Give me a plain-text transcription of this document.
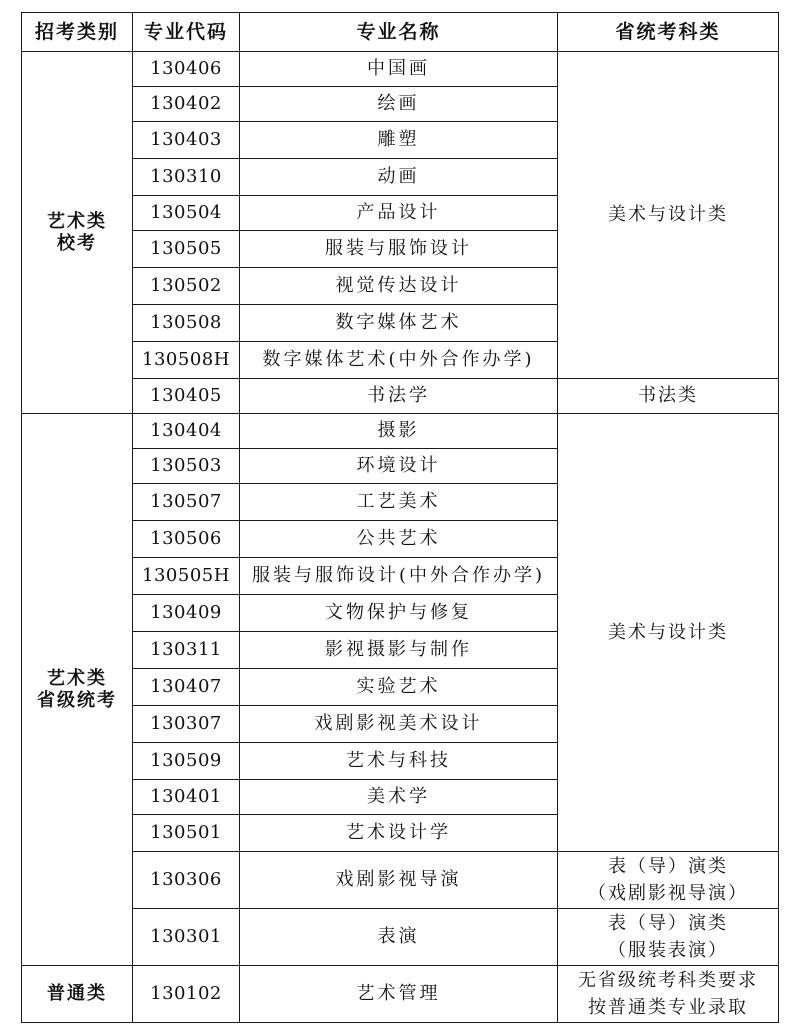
招考类别	专业代码	专业名称	省统考科类

艺术类
校考	130406	中国画	美术与设计类

	130402	绘画	
	130403	雕塑	
	130310	动画	
	130504	产品设计	
	130505	服装与服饰设计	
	130502	视觉传达设计	
	130508	数字媒体艺术	
	130508H	数字媒体艺术(中外合作办学)	
	130405	书法学	书法类

艺术类
省级统考	130404	摄影	美术与设计类

	130503	环境设计	
	130507	工艺美术	
	130506	公共艺术	
	130505H	服装与服饰设计(中外合作办学)	
	130409	文物保护与修复	
	130311	影视摄影与制作	
	130407	实验艺术	
	130307	戏剧影视美术设计	
	130509	艺术与科技	
	130401	美术学	
	130501	艺术设计学	
	130306	戏剧影视导演	表（导）演类
（戏剧影视导演）

	130301	表演	表（导）演类
（服装表演）

普通类	130102	艺术管理	无省级统考科类要求
按普通类专业录取
